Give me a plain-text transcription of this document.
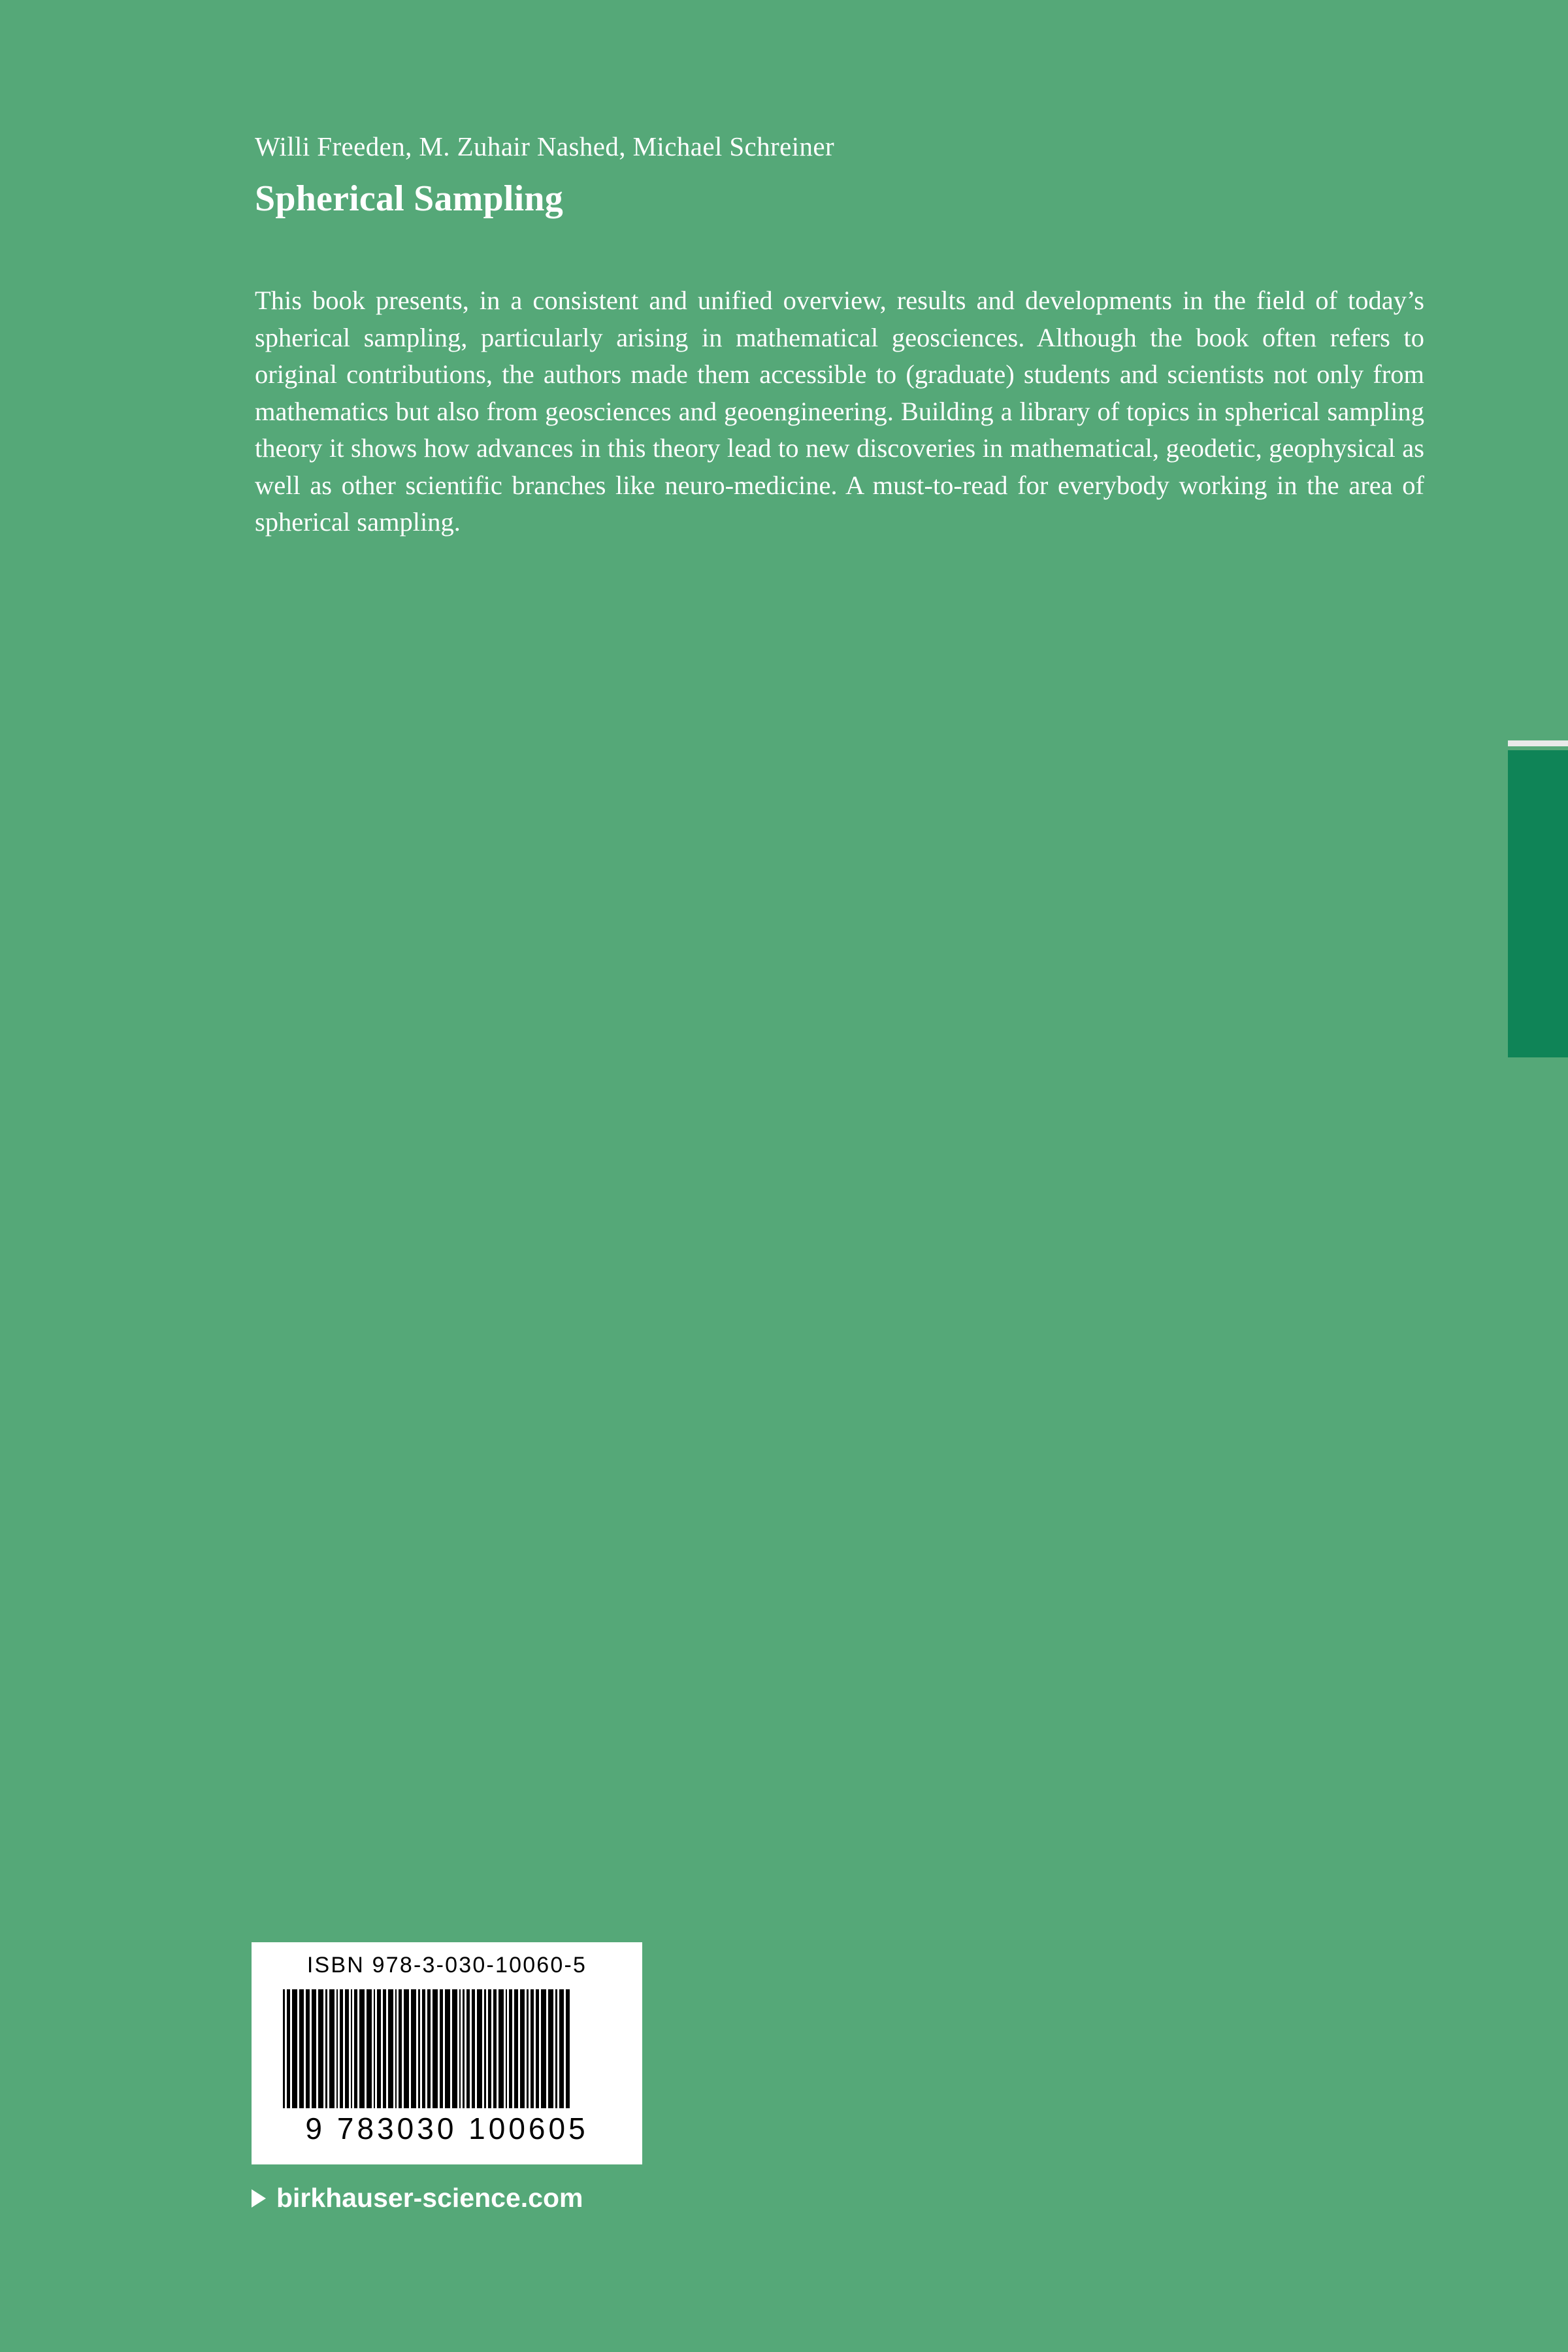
Willi Freeden, M. Zuhair Nashed, Michael Schreiner
Spherical Sampling
This book presents, in a consistent and unified overview, results and developments in the field of today’s spherical sampling, particularly arising in mathematical geosciences. Although the book often refers to original contributions, the authors made them accessible to (graduate) students and scientists not only from mathematics but also from geosciences and geoengineering. Building a library of topics in spherical sampling theory it shows how advances in this theory lead to new discoveries in mathematical, geodetic, geophysical as well as other scientific branches like neuro-medicine. A must-to-read for everybody working in the area of spherical sampling.
ISBN 978-3-030-10060-5
9 783030 100605
birkhauser-science.com
